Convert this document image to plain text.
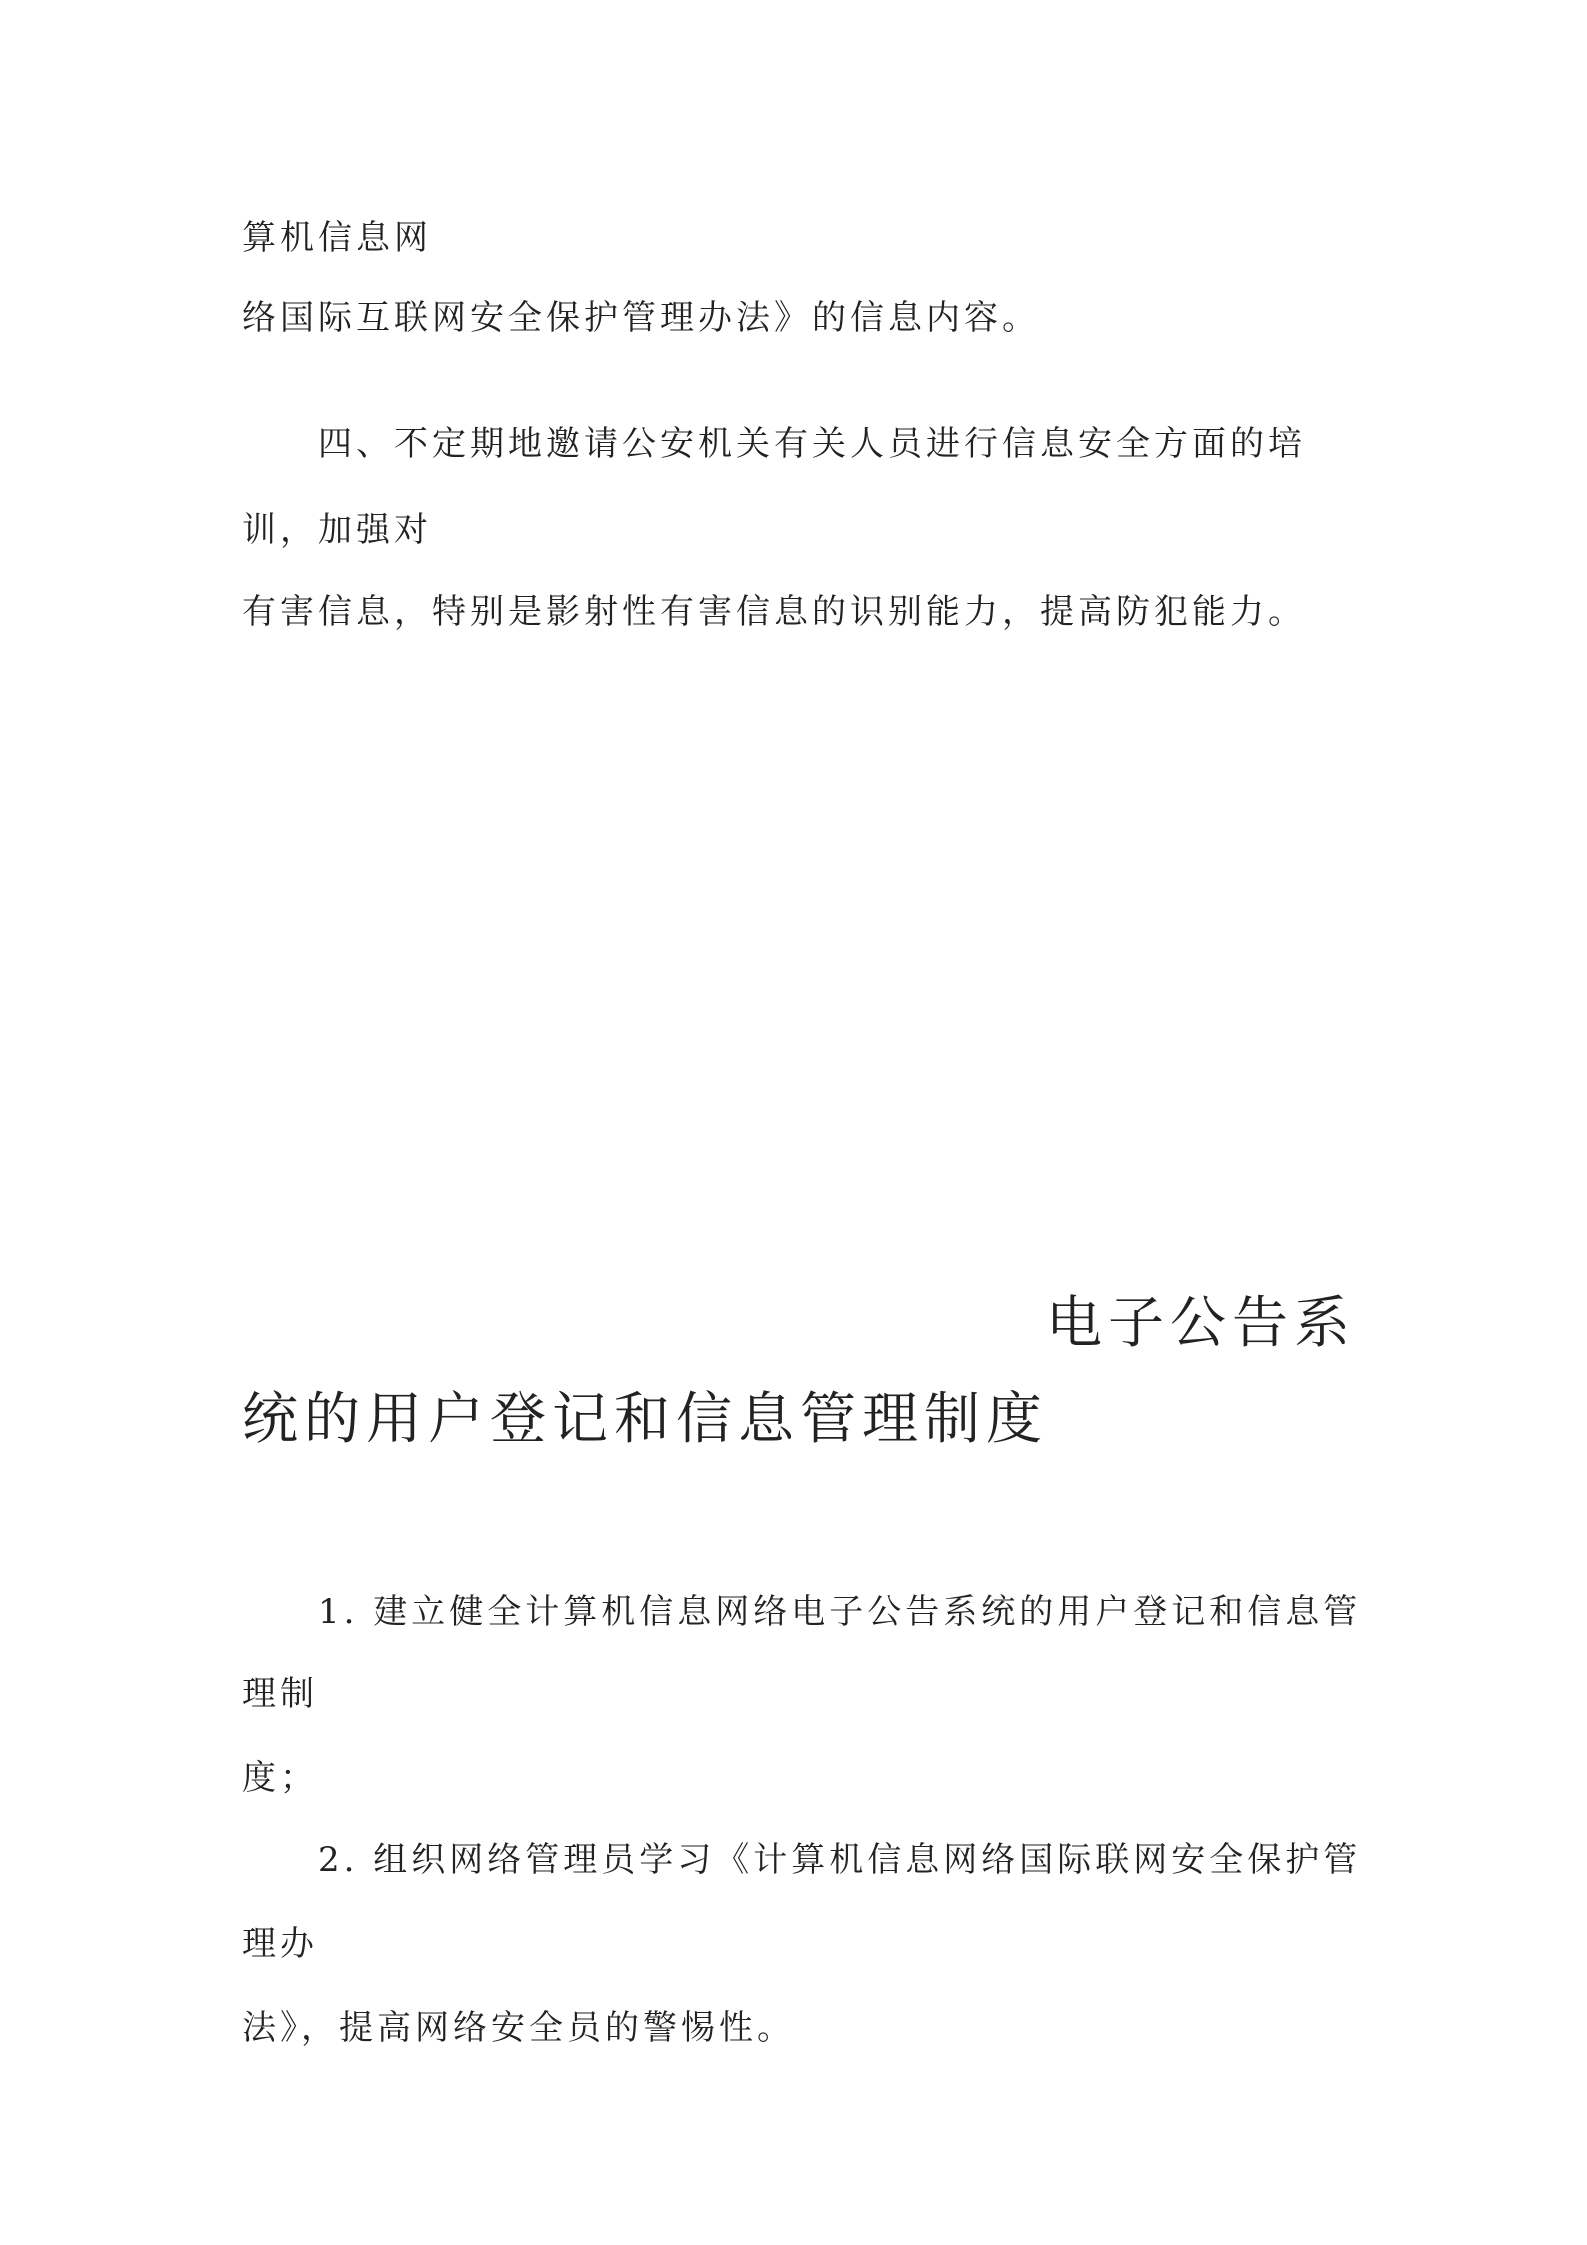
算机信息网
络国际互联网安全保护管理办法》的信息内容。
四、不定期地邀请公安机关有关人员进行信息安全方面的培
训，加强对
有害信息，特别是影射性有害信息的识别能力，提高防犯能力。
电子公告系
统的用户登记和信息管理制度
1. 建立健全计算机信息网络电子公告系统的用户登记和信息管
理制
度；
2. 组织网络管理员学习《计算机信息网络国际联网安全保护管
理办
法》，提高网络安全员的警惕性。
